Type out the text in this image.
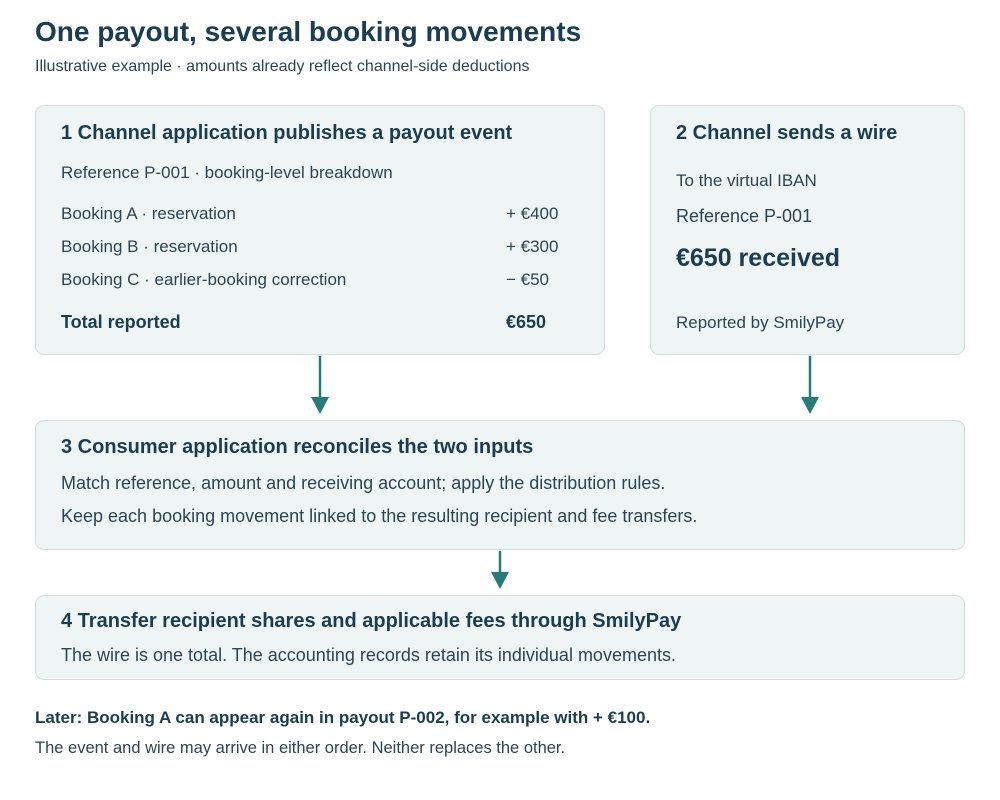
One payout, several booking movements
Illustrative example · amounts already reflect channel-side deductions
1 Channel application publishes a payout event
Reference P-001 · booking-level breakdown
Booking A · reservation	+ €400
Booking B · reservation	+ €300
Booking C · earlier-booking correction	− €50
Total reported	€650
2 Channel sends a wire
To the virtual IBAN
Reference P-001
€650 received
Reported by SmilyPay
3 Consumer application reconciles the two inputs
Match reference, amount and receiving account; apply the distribution rules.
Keep each booking movement linked to the resulting recipient and fee transfers.
4 Transfer recipient shares and applicable fees through SmilyPay
The wire is one total. The accounting records retain its individual movements.
Later: Booking A can appear again in payout P-002, for example with + €100.
The event and wire may arrive in either order. Neither replaces the other.
